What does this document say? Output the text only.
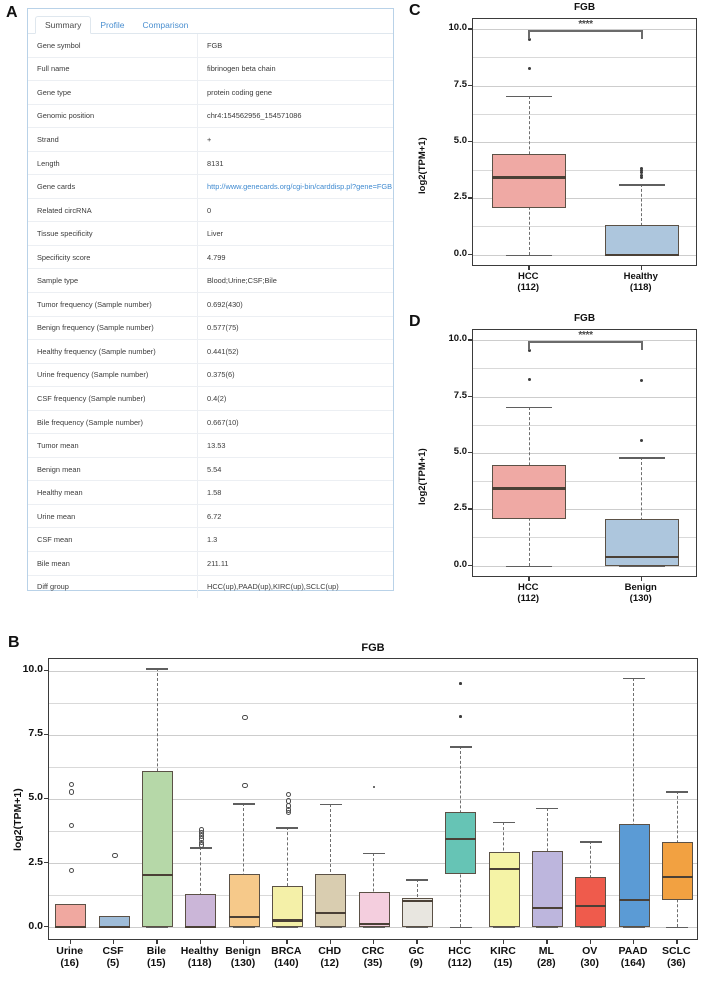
A
Summary	Profile	Comparison
Gene symbol	FGB
Full name	fibrinogen beta chain
Gene type	protein coding gene
Genomic position	chr4:154562956_154571086
Strand	+
Length	8131
Gene cards	http://www.genecards.org/cgi-bin/carddisp.pl?gene=FGB
Related circRNA	0
Tissue specificity	Liver
Specificity score	4.799
Sample type	Blood;Urine;CSF;Bile
Tumor frequency (Sample number)	0.692(430)
Benign frequency (Sample number)	0.577(75)
Healthy frequency (Sample number)	0.441(52)
Urine frequency (Sample number)	0.375(6)
CSF frequency (Sample number)	0.4(2)
Bile frequency (Sample number)	0.667(10)
Tumor mean	13.53
Benign mean	5.54
Healthy mean	1.58
Urine mean	6.72
CSF mean	1.3
Bile mean	211.11
Diff group	HCC(up),PAAD(up),KIRC(up),SCLC(up)
C	FGB
log2(TPM+1)
****
0.0
2.5
5.0
7.5
10.0
HCC
(112)
Healthy
(118)
D	FGB
log2(TPM+1)
****
0.0
2.5
5.0
7.5
10.0
HCC
(112)
Benign
(130)
B	FGB
log2(TPM+1)
0.0
2.5
5.0
7.5
10.0
Urine
(16)
CSF
(5)
Bile
(15)
Healthy
(118)
Benign
(130)
BRCA
(140)
CHD
(12)
CRC
(35)
GC
(9)
HCC
(112)
KIRC
(15)
ML
(28)
OV
(30)
PAAD
(164)
SCLC
(36)
